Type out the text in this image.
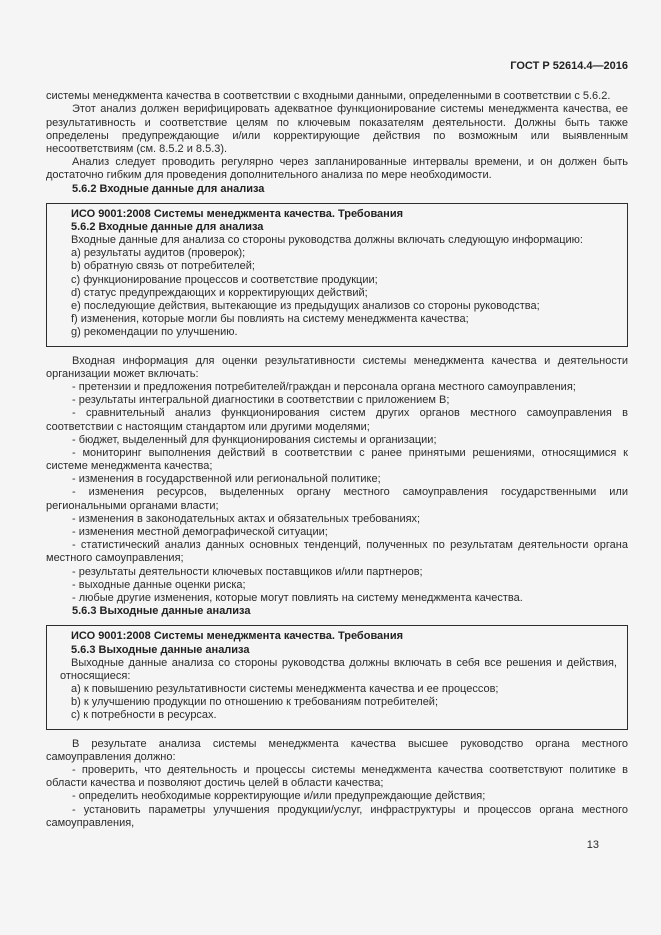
ГОСТ Р 52614.4—2016

системы менеджмента качества в соответствии с входными данными, определенными в соответствии с 5.6.2.

Этот анализ должен верифицировать адекватное функционирование системы менеджмента качества, ее результативность и соответствие целям по ключевым показателям деятельности. Должны быть также определены предупреждающие и/или корректирующие действия по возможным или выявленным несоответствиям (см. 8.5.2 и 8.5.3).

Анализ следует проводить регулярно через запланированные интервалы времени, и он должен быть достаточно гибким для проведения дополнительного анализа по мере необходимости.

5.6.2 Входные данные для анализа

ИСО 9001:2008 Системы менеджмента качества. Требования

5.6.2 Входные данные для анализа

Входные данные для анализа со стороны руководства должны включать следующую информацию:

a) результаты аудитов (проверок);

b) обратную связь от потребителей;

c) функционирование процессов и соответствие продукции;

d) статус предупреждающих и корректирующих действий;

e) последующие действия, вытекающие из предыдущих анализов со стороны руководства;

f) изменения, которые могли бы повлиять на систему менеджмента качества;

g) рекомендации по улучшению.

Входная информация для оценки результативности системы менеджмента качества и деятельности организации может включать:

- претензии и предложения потребителей/граждан и персонала органа местного самоуправления;

- результаты интегральной диагностики в соответствии с приложением В;

- сравнительный анализ функционирования систем других органов местного самоуправления в соответствии с настоящим стандартом или другими моделями;

- бюджет, выделенный для функционирования системы и организации;

- мониторинг выполнения действий в соответствии с ранее принятыми решениями, относящимися к системе менеджмента качества;

- изменения в государственной или региональной политике;

- изменения ресурсов, выделенных органу местного самоуправления государственными или региональными органами власти;

- изменения в законодательных актах и обязательных требованиях;

- изменения местной демографической ситуации;

- статистический анализ данных основных тенденций, полученных по результатам деятельности органа местного самоуправления;

- результаты деятельности ключевых поставщиков и/или партнеров;

- выходные данные оценки риска;

- любые другие изменения, которые могут повлиять на систему менеджмента качества.

5.6.3 Выходные данные анализа

ИСО 9001:2008 Системы менеджмента качества. Требования

5.6.3 Выходные данные анализа

Выходные данные анализа со стороны руководства должны включать в себя все решения и действия, относящиеся:

a) к повышению результативности системы менеджмента качества и ее процессов;

b) к улучшению продукции по отношению к требованиям потребителей;

c) к потребности в ресурсах.

В результате анализа системы менеджмента качества высшее руководство органа местного самоуправления должно:

- проверить, что деятельность и процессы системы менеджмента качества соответствуют политике в области качества и позволяют достичь целей в области качества;

- определить необходимые корректирующие и/или предупреждающие действия;

- установить параметры улучшения продукции/услуг, инфраструктуры и процессов органа местного самоуправления,

13
